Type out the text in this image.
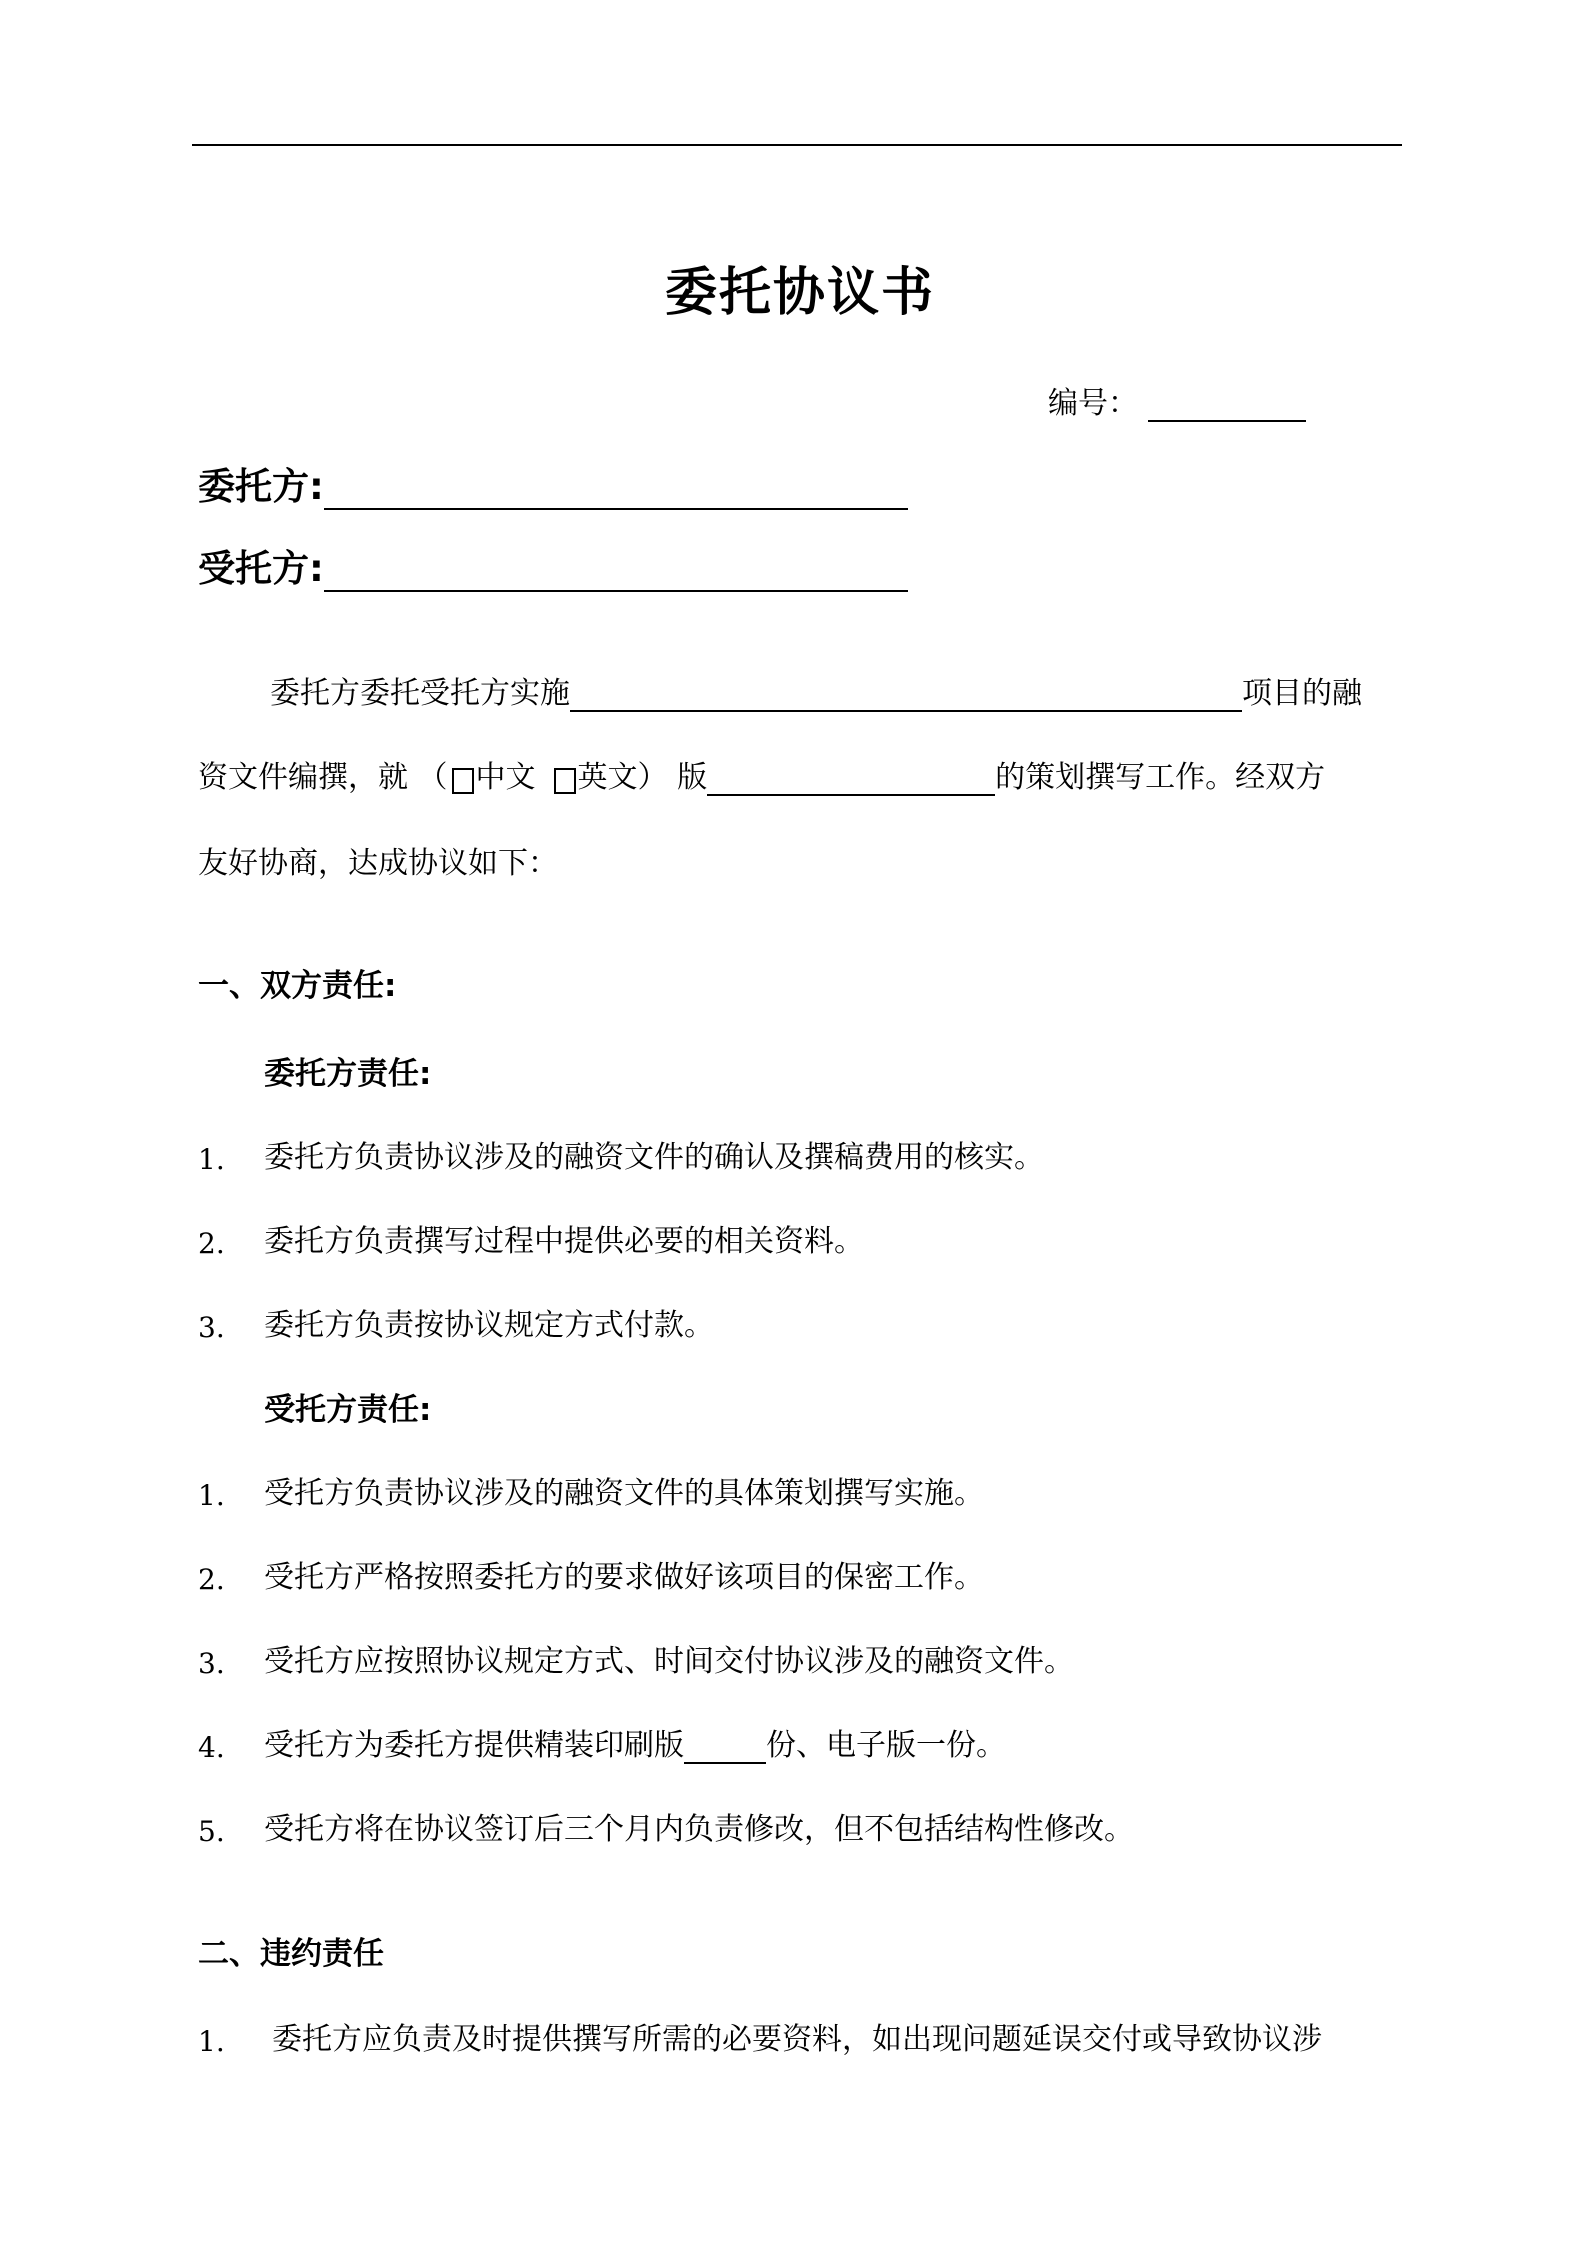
委托协议书
编号：
委托方:
受托方:
委托方委托受托方实施	项目的融
资文件编撰，就 （ 中文 英文 ） 版	的策划撰写工作。经双方
友好协商，达成协议如下：
一、双方责任:
委托方责任:
1.	委托方负责协议涉及的融资文件的确认及撰稿费用的核实。
2.	委托方负责撰写过程中提供必要的相关资料。
3.	委托方负责按协议规定方式付款。
受托方责任:
1.	受托方负责协议涉及的融资文件的具体策划撰写实施。
2.	受托方严格按照委托方的要求做好该项目的保密工作。
3.	受托方应按照协议规定方式、时间交付协议涉及的融资文件。
4.	受托方为委托方提供精装印刷版	份、电子版一份。
5.	受托方将在协议签订后三个月内负责修改，但不包括结构性修改。
二、违约责任
1.	委托方应负责及时提供撰写所需的必要资料，如出现问题延误交付或导致协议涉
